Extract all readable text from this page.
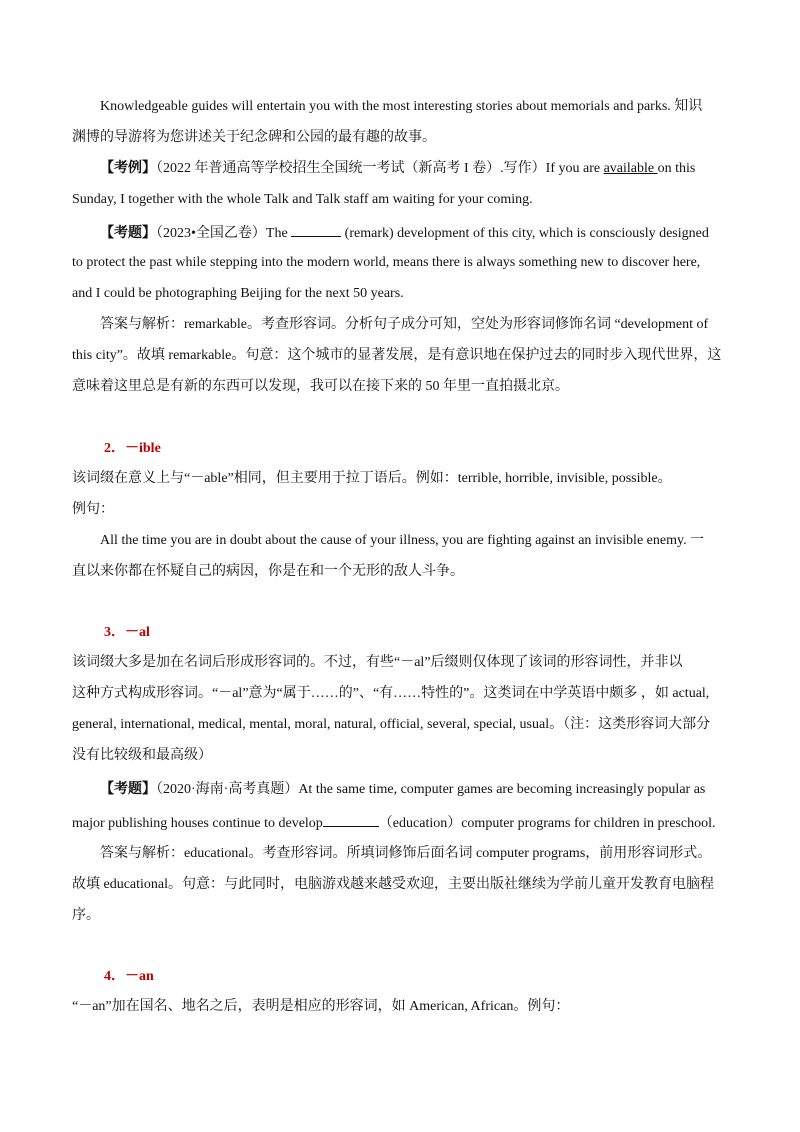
Knowledgeable guides will entertain you with the most interesting stories about memorials and parks. 知识
渊博的导游将为您讲述关于纪念碑和公园的最有趣的故事。
【考例】（2022 年普通高等学校招生全国统一考试（新高考 I 卷）.写作）If you are available on this
Sunday, I together with the whole Talk and Talk staff am waiting for your coming.
【考题】（2023•全国乙卷）The	(remark) development of this city, which is consciously designed
to protect the past while stepping into the modern world, means there is always something new to discover here,
and I could be photographing Beijing for the next 50 years.
答案与解析：remarkable。考查形容词。分析句子成分可知，空处为形容词修饰名词 “development of
this city”。故填 remarkable。句意：这个城市的显著发展，是有意识地在保护过去的同时步入现代世界，这
意味着这里总是有新的东西可以发现，我可以在接下来的 50 年里一直拍摄北京。
2．－ible
该词缀在意义上与“－able”相同，但主要用于拉丁语后。例如：terrible, horrible, invisible, possible。
例句：
All the time you are in doubt about the cause of your illness, you are fighting against an invisible enemy. 一
直以来你都在怀疑自己的病因，你是在和一个无形的敌人斗争。
3．－al
该词缀大多是加在名词后形成形容词的。不过，有些“－al”后缀则仅体现了该词的形容词性，并非以
这种方式构成形容词。“－al”意为“属于……的”、“有……特性的”。这类词在中学英语中颇多 ，如 actual,
general, international, medical, mental, moral, natural, official, several, special, usual。（注：这类形容词大部分
没有比较级和最高级）
【考题】（2020·海南·高考真题）At the same time, computer games are becoming increasingly popular as
major publishing houses continue to develop	（education）computer programs for children in preschool.
答案与解析：educational。考查形容词。所填词修饰后面名词 computer programs，前用形容词形式。
故填 educational。句意：与此同时，电脑游戏越来越受欢迎，主要出版社继续为学前儿童开发教育电脑程
序。
4．－an
“－an”加在国名、地名之后，表明是相应的形容词，如 American, African。例句：
